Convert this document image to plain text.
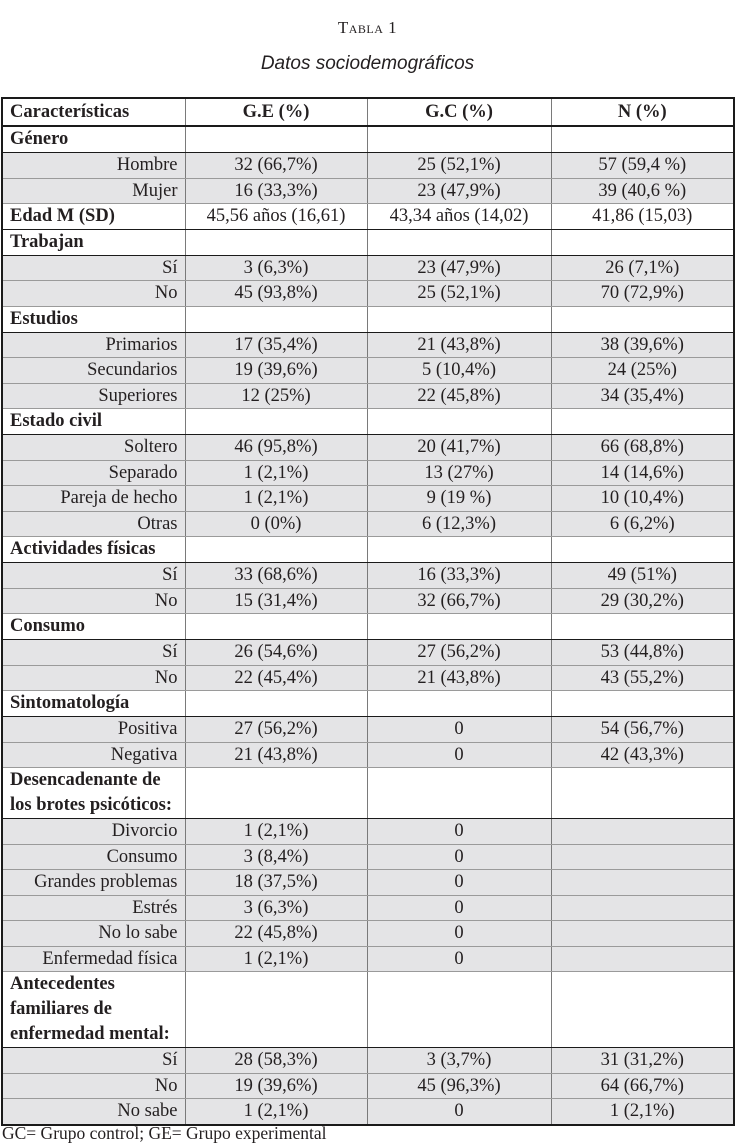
Tabla 1
Datos sociodemográficos
Características	G.E (%)	G.C (%)	N (%)
Género			
Hombre	32 (66,7%)	25 (52,1%)	57 (59,4 %)
Mujer	16 (33,3%)	23 (47,9%)	39 (40,6 %)
Edad M (SD)	45,56 años (16,61)	43,34 años (14,02)	41,86 (15,03)
Trabajan			
Sí	3 (6,3%)	23 (47,9%)	26 (7,1%)
No	45 (93,8%)	25 (52,1%)	70 (72,9%)
Estudios			
Primarios	17 (35,4%)	21 (43,8%)	38 (39,6%)
Secundarios	19 (39,6%)	5 (10,4%)	24 (25%)
Superiores	12 (25%)	22 (45,8%)	34 (35,4%)
Estado civil			
Soltero	46 (95,8%)	20 (41,7%)	66 (68,8%)
Separado	1 (2,1%)	13 (27%)	14 (14,6%)
Pareja de hecho	1 (2,1%)	9 (19 %)	10 (10,4%)
Otras	0 (0%)	6 (12,3%)	6 (6,2%)
Actividades físicas			
Sí	33 (68,6%)	16 (33,3%)	49 (51%)
No	15 (31,4%)	32 (66,7%)	29 (30,2%)
Consumo			
Sí	26 (54,6%)	27 (56,2%)	53 (44,8%)
No	22 (45,4%)	21 (43,8%)	43 (55,2%)
Sintomatología			
Positiva	27 (56,2%)	0	54 (56,7%)
Negativa	21 (43,8%)	0	42 (43,3%)
Desencadenante de los brotes psicóticos:			
Divorcio	1 (2,1%)	0	
Consumo	3 (8,4%)	0	
Grandes problemas	18 (37,5%)	0	
Estrés	3 (6,3%)	0	
No lo sabe	22 (45,8%)	0	
Enfermedad física	1 (2,1%)	0	
Antecedentes familiares de enfermedad mental:			
Sí	28 (58,3%)	3 (3,7%)	31 (31,2%)
No	19 (39,6%)	45 (96,3%)	64 (66,7%)
No sabe	1 (2,1%)	0	1 (2,1%)
GC= Grupo control; GE= Grupo experimental
